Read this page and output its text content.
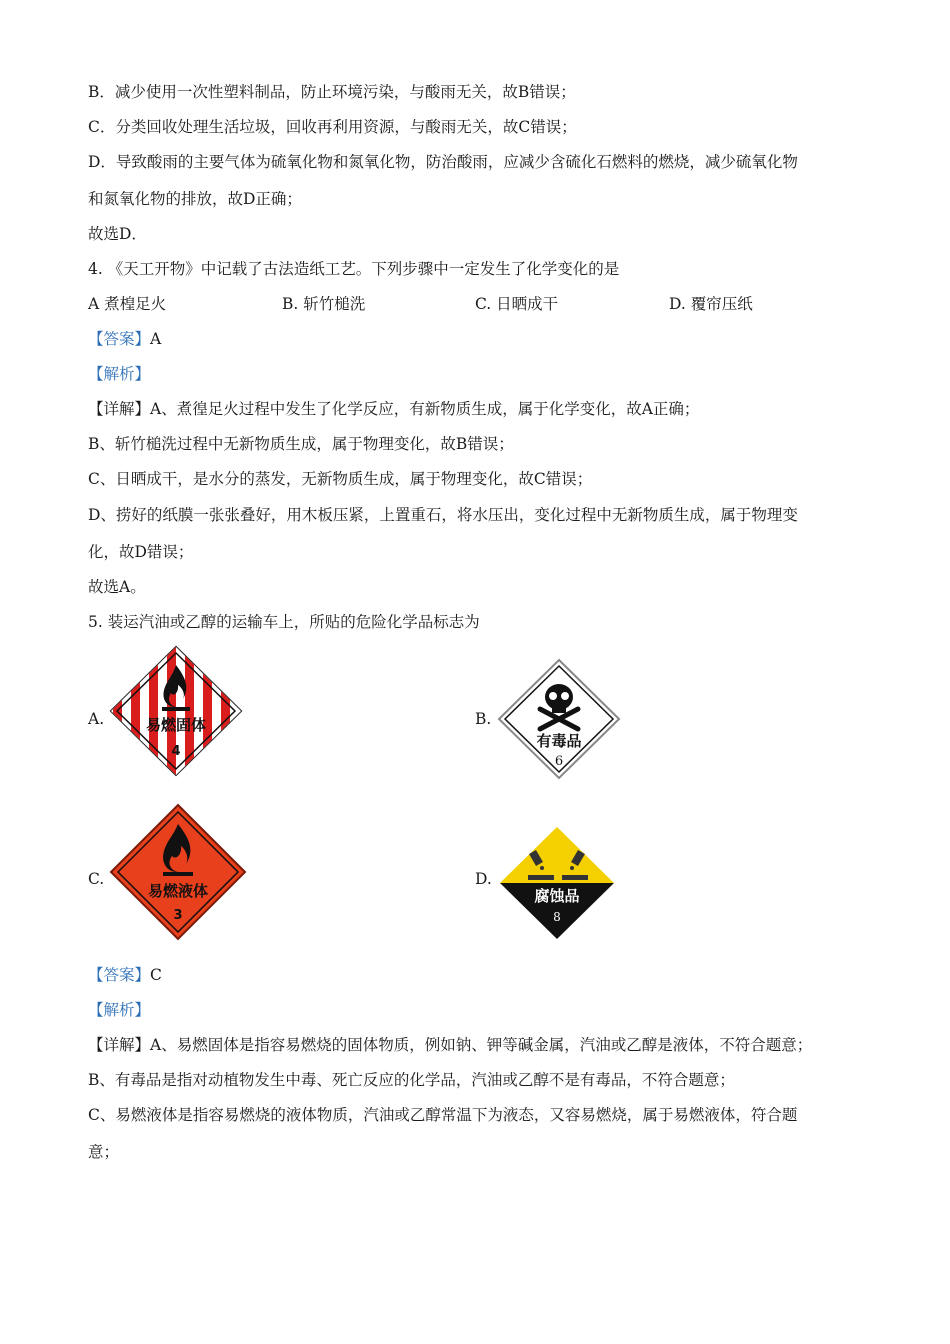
B．减少使用一次性塑料制品，防止环境污染，与酸雨无关，故B错误；
C．分类回收处理生活垃圾，回收再利用资源，与酸雨无关，故C错误；
D．导致酸雨的主要气体为硫氧化物和氮氧化物，防治酸雨，应减少含硫化石燃料的燃烧，减少硫氧化物
和氮氧化物的排放，故D正确；
故选D．
4. 《天工开物》中记载了古法造纸工艺。下列步骤中一定发生了化学变化的是
A 煮楻足火	B. 斩竹槌洗	C. 日晒成干	D. 覆帘压纸
【答案】A
【解析】
【详解】A、煮徨足火过程中发生了化学反应，有新物质生成，属于化学变化，故A正确；
B、斩竹槌洗过程中无新物质生成，属于物理变化，故B错误；
C、日晒成干，是水分的蒸发，无新物质生成，属于物理变化，故C错误；
D、捞好的纸膜一张张叠好，用木板压紧，上置重石，将水压出，变化过程中无新物质生成，属于物理变
化，故D错误；
故选A。
5. 装运汽油或乙醇的运输车上，所贴的危险化学品标志为
A.	易燃固体
4
B.
有毒品
6
C.
易燃液体
3
D.
腐蚀品
8
【答案】C
【解析】
【详解】A、易燃固体是指容易燃烧的固体物质，例如钠、钾等碱金属，汽油或乙醇是液体，不符合题意；
B、有毒品是指对动植物发生中毒、死亡反应的化学品，汽油或乙醇不是有毒品，不符合题意；
C、易燃液体是指容易燃烧的液体物质，汽油或乙醇常温下为液态，又容易燃烧，属于易燃液体，符合题
意；
